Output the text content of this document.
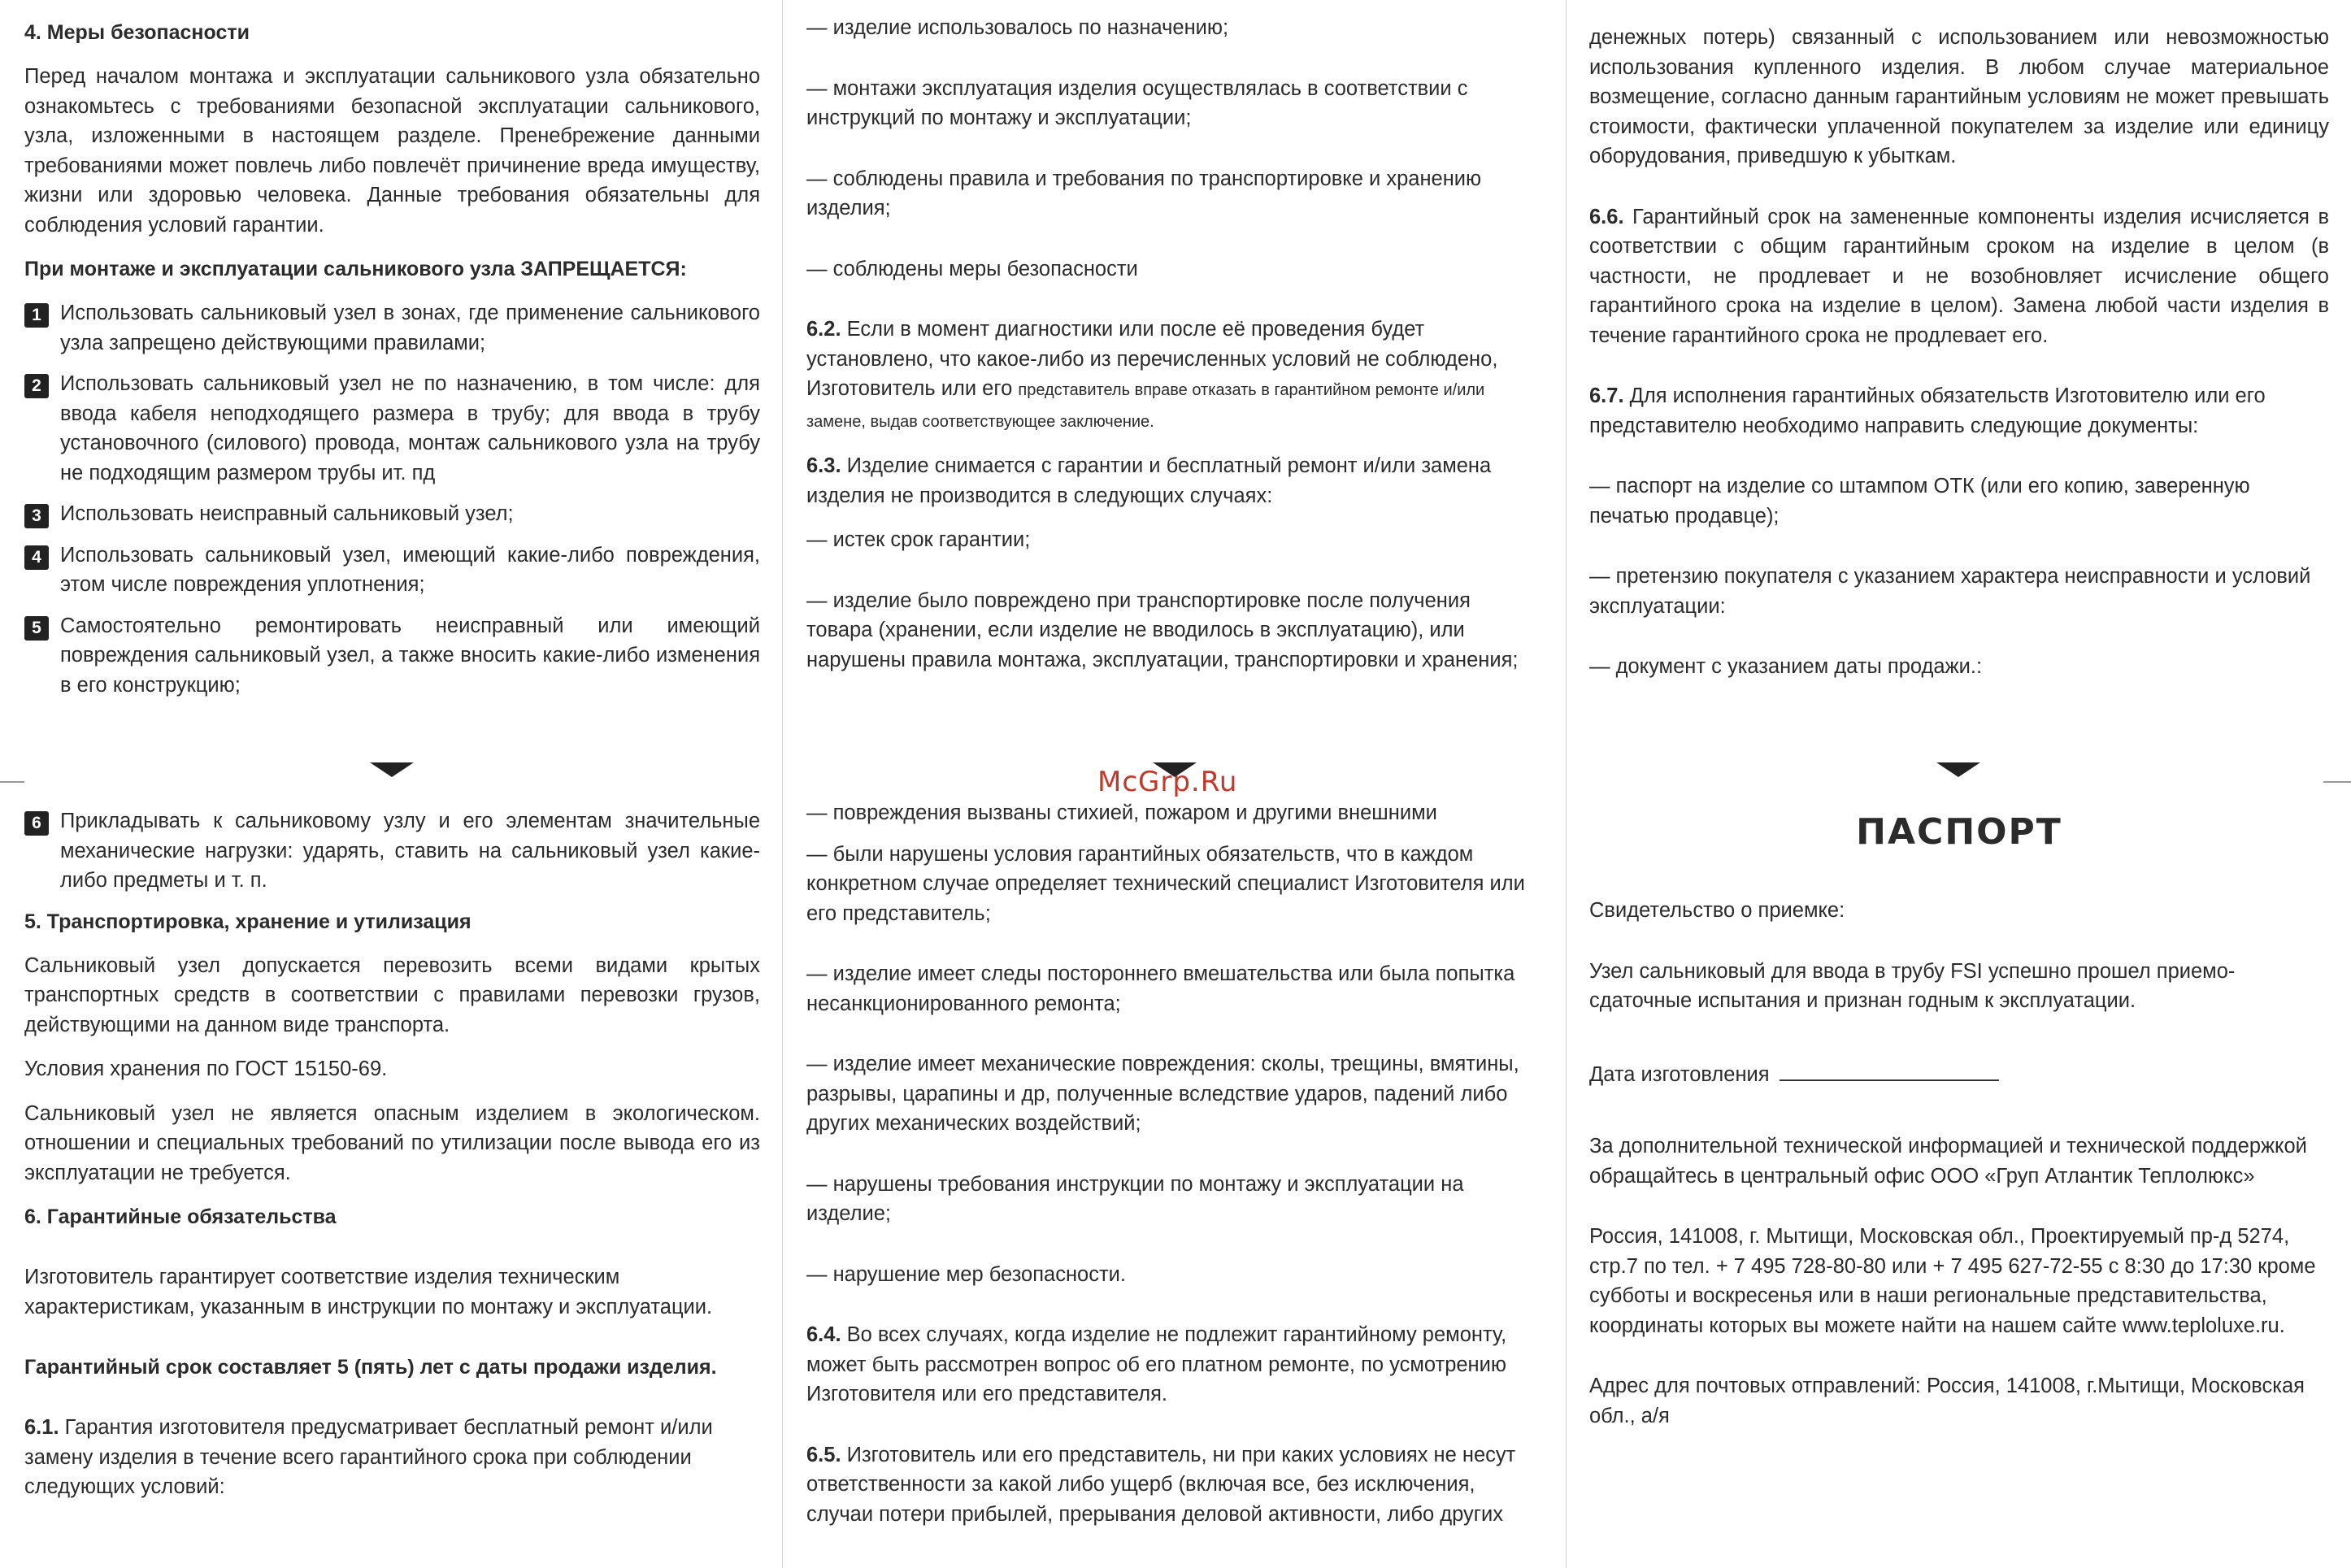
McGrp.Ru

4. Меры безопасности

Перед началом монтажа и эксплуатации сальникового узла обязательно ознакомьтесь с требованиями безопасной эксплуатации сальникового, узла, изложенными в настоящем разделе. Пренебрежение данными требованиями может повлечь либо повлечёт причинение вреда имуществу, жизни или здоровью человека. Данные требования обязательны для соблюдения условий гарантии.

При монтаже и эксплуатации сальникового узла ЗАПРЕЩАЕТСЯ:

1 Использовать сальниковый узел в зонах, где применение сальникового узла запрещено действующими правилами;

2 Использовать сальниковый узел не по назначению, в том числе: для ввода кабеля неподходящего размера в трубу; для ввода в трубу установочного (силового) провода, монтаж сальникового узла на трубу не подходящим размером трубы ит. пд

3 Использовать неисправный сальниковый узел;

4 Использовать сальниковый узел, имеющий какие-либо повреждения, этом числе повреждения уплотнения;

5 Самостоятельно ремонтировать неисправный или имеющий повреждения сальниковый узел, а также вносить какие-либо изменения в его конструкцию;

6 Прикладывать к сальниковому узлу и его элементам значительные механические нагрузки: ударять, ставить на сальниковый узел какие-либо предметы и т. п.

5. Транспортировка, хранение и утилизация

Сальниковый узел допускается перевозить всеми видами крытых транспортных средств в соответствии с правилами перевозки грузов, действующими на данном виде транспорта.

Условия хранения по ГОСТ 15150-69.

Сальниковый узел не является опасным изделием в экологическом. отношении и специальных требований по утилизации после вывода его из эксплуатации не требуется.

6. Гарантийные обязательства

Изготовитель гарантирует соответствие изделия техническим характеристикам, указанным в инструкции по монтажу и эксплуатации.

Гарантийный срок составляет 5 (пять) лет с даты продажи изделия.

6.1. Гарантия изготовителя предусматривает бесплатный ремонт и/или замену изделия в течение всего гарантийного срока при соблюдении следующих условий:

— изделие использовалось по назначению;

— монтажи эксплуатация изделия осуществлялась в соответствии с инструкций по монтажу и эксплуатации;

— соблюдены правила и требования по транспортировке и хранению изделия;

— соблюдены меры безопасности

6.2. Если в момент диагностики или после её проведения будет установлено, что какое-либо из перечисленных условий не соблюдено, Изготовитель или его представитель вправе отказать в гарантийном ремонте и/или замене, выдав соответствующее заключение.

6.3. Изделие снимается с гарантии и бесплатный ремонт и/или замена изделия не производится в следующих случаях:

— истек срок гарантии;

— изделие было повреждено при транспортировке после получения товара (хранении, если изделие не вводилось в эксплуатацию), или нарушены правила монтажа, эксплуатации, транспортировки и хранения;

— повреждения вызваны стихией, пожаром и другими внешними

— были нарушены условия гарантийных обязательств, что в каждом конкретном случае определяет технический специалист Изготовителя или его представитель;

— изделие имеет следы постороннего вмешательства или была попытка несанкционированного ремонта;

— изделие имеет механические повреждения: сколы, трещины, вмятины, разрывы, царапины и др, полученные вследствие ударов, падений либо других механических воздействий;

— нарушены требования инструкции по монтажу и эксплуатации на изделие;

— нарушение мер безопасности.

6.4. Во всех случаях, когда изделие не подлежит гарантийному ремонту, может быть рассмотрен вопрос об его платном ремонте, по усмотрению Изготовителя или его представителя.

6.5. Изготовитель или его представитель, ни при каких условиях не несут ответственности за какой либо ущерб (включая все, без исключения, случаи потери прибылей, прерывания деловой активности, либо других

денежных потерь) связанный с использованием или невозможностью использования купленного изделия. В любом случае материальное возмещение, согласно данным гарантийным условиям не может превышать стоимости, фактически уплаченной покупателем за изделие или единицу оборудования, приведшую к убыткам.

6.6. Гарантийный срок на замененные компоненты изделия исчисляется в соответствии с общим гарантийным сроком на изделие в целом (в частности, не продлевает и не возобновляет исчисление общего гарантийного срока на изделие в целом). Замена любой части изделия в течение гарантийного срока не продлевает его.

6.7. Для исполнения гарантийных обязательств Изготовителю или его представителю необходимо направить следующие документы:

— паспорт на изделие со штампом ОТК (или его копию, заверенную печатью продавце);

— претензию покупателя с указанием характера неисправности и условий эксплуатации:

— документ с указанием даты продажи.:

ПАСПОРТ

Свидетельство о приемке:

Узел сальниковый для ввода в трубу FSI успешно прошел приемо-сдаточные испытания и признан годным к эксплуатации.

Дата изготовления

За дополнительной технической информацией и технической поддержкой обращайтесь в центральный офис ООО «Груп Атлантик Теплолюкс»

Россия, 141008, г. Мытищи, Московская обл., Проектируемый пр-д 5274, стр.7 по тел. + 7 495 728-80-80 или + 7 495 627-72-55 с 8:30 до 17:30 кроме субботы и воскресенья или в наши региональные представительства, координаты которых вы можете найти на нашем сайте www.teploluxe.ru.

Адрес для почтовых отправлений: Россия, 141008, г.Мытищи, Московская обл., а/я
